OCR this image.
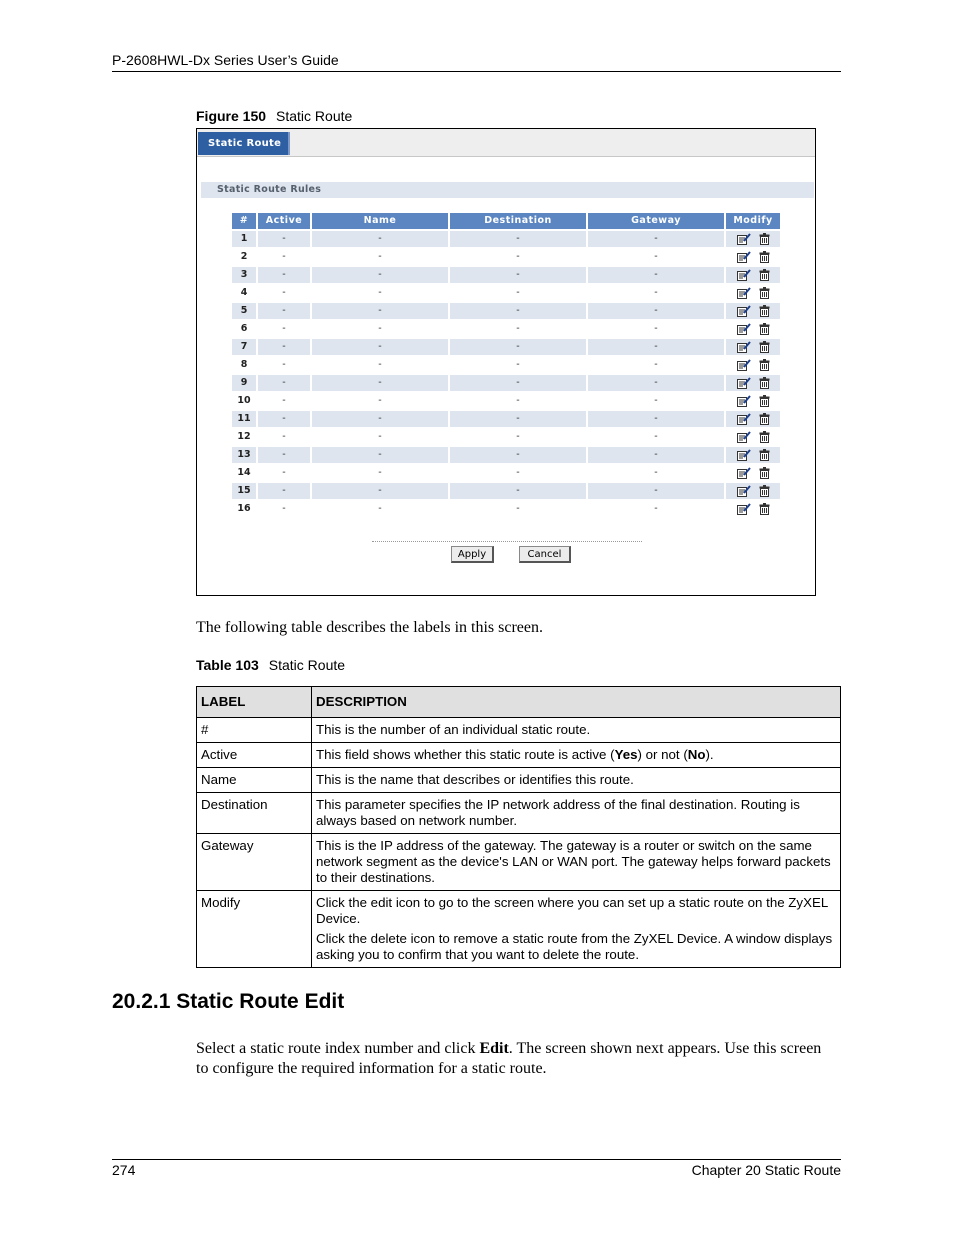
P-2608HWL-Dx Series User’s Guide
Figure 150 Static Route
Static Route
Static Route Rules
#	Active	Name	Destination	Gateway	Modify
1	-	-	-	-
2	-	-	-	-
3	-	-	-	-
4	-	-	-	-
5	-	-	-	-
6	-	-	-	-
7	-	-	-	-
8	-	-	-	-
9	-	-	-	-
10	-	-	-	-
11	-	-	-	-
12	-	-	-	-
13	-	-	-	-
14	-	-	-	-
15	-	-	-	-
16	-	-	-	-
Apply	Cancel
The following table describes the labels in this screen.
Table 103 Static Route
LABEL	DESCRIPTION
#	This is the number of an individual static route.
Active	This field shows whether this static route is active (Yes) or not (No).
Name	This is the name that describes or identifies this route.
Destination	This parameter specifies the IP network address of the final destination. Routing is always based on network number.
Gateway	This is the IP address of the gateway. The gateway is a router or switch on the same network segment as the device's LAN or WAN port. The gateway helps forward packets to their destinations.
Modify	Click the edit icon to go to the screen where you can set up a static route on the ZyXEL Device.

Click the delete icon to remove a static route from the ZyXEL Device. A window displays asking you to confirm that you want to delete the route.

20.2.1 Static Route Edit
Select a static route index number and click Edit. The screen shown next appears. Use this screen to configure the required information for a static route.
274	Chapter 20 Static Route
